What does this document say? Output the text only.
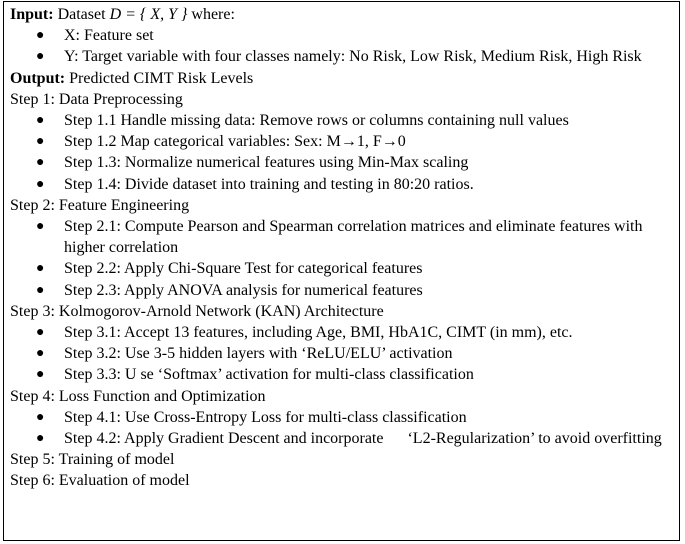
Input: Dataset D = { X, Y } where:
● X: Feature set
● Y: Target variable with four classes namely: No Risk, Low Risk, Medium Risk, High Risk
Output: Predicted CIMT Risk Levels
Step 1: Data Preprocessing
● Step 1.1 Handle missing data: Remove rows or columns containing null values
● Step 1.2 Map categorical variables: Sex: M→1, F→0
● Step 1.3: Normalize numerical features using Min-Max scaling
● Step 1.4: Divide dataset into training and testing in 80:20 ratios.
Step 2: Feature Engineering
● Step 2.1: Compute Pearson and Spearman correlation matrices and eliminate features with higher correlation
● Step 2.2: Apply Chi-Square Test for categorical features
● Step 2.3: Apply ANOVA analysis for numerical features
Step 3: Kolmogorov-Arnold Network (KAN) Architecture
● Step 3.1: Accept 13 features, including Age, BMI, HbA1C, CIMT (in mm), etc.
● Step 3.2: Use 3-5 hidden layers with ‘ReLU/ELU’ activation
● Step 3.3: U se ‘Softmax’ activation for multi-class classification
Step 4: Loss Function and Optimization
● Step 4.1: Use Cross-Entropy Loss for multi-class classification
● Step 4.2: Apply Gradient Descent and incorporate      ‘L2-Regularization’ to avoid overfitting
Step 5: Training of model
Step 6: Evaluation of model
